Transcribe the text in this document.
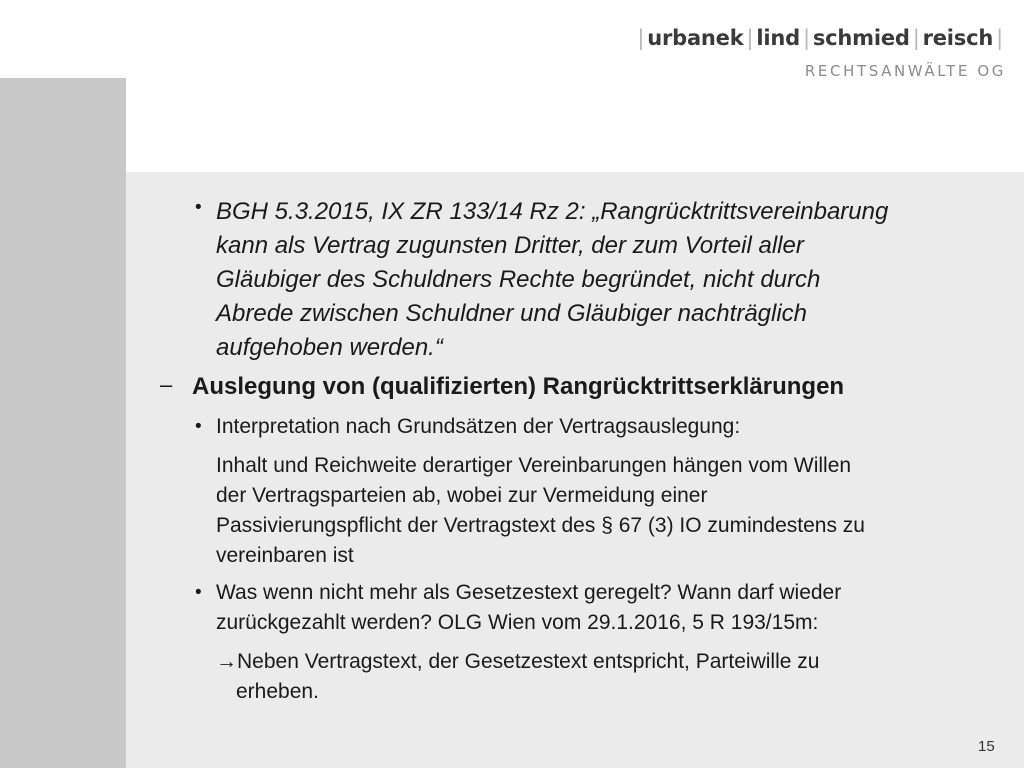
| urbanek | lind | schmied | reisch |
RECHTSANWÄLTE OG
• BGH 5.3.2015, IX ZR 133/14 Rz 2: „Rangrücktrittsvereinbarung
kann als Vertrag zugunsten Dritter, der zum Vorteil aller
Gläubiger des Schuldners Rechte begründet, nicht durch
Abrede zwischen Schuldner und Gläubiger nachträglich
aufgehoben werden.“
– Auslegung von (qualifizierten) Rangrücktrittserklärungen
• Interpretation nach Grundsätzen der Vertragsauslegung:
Inhalt und Reichweite derartiger Vereinbarungen hängen vom Willen
der Vertragsparteien ab, wobei zur Vermeidung einer
Passivierungspflicht der Vertragstext des § 67 (3) IO zumindestens zu
vereinbaren ist
• Was wenn nicht mehr als Gesetzestext geregelt? Wann darf wieder
zurückgezahlt werden? OLG Wien vom 29.1.2016, 5 R 193/15m:
→Neben Vertragstext, der Gesetzestext entspricht, Parteiwille zu
erheben.
15
